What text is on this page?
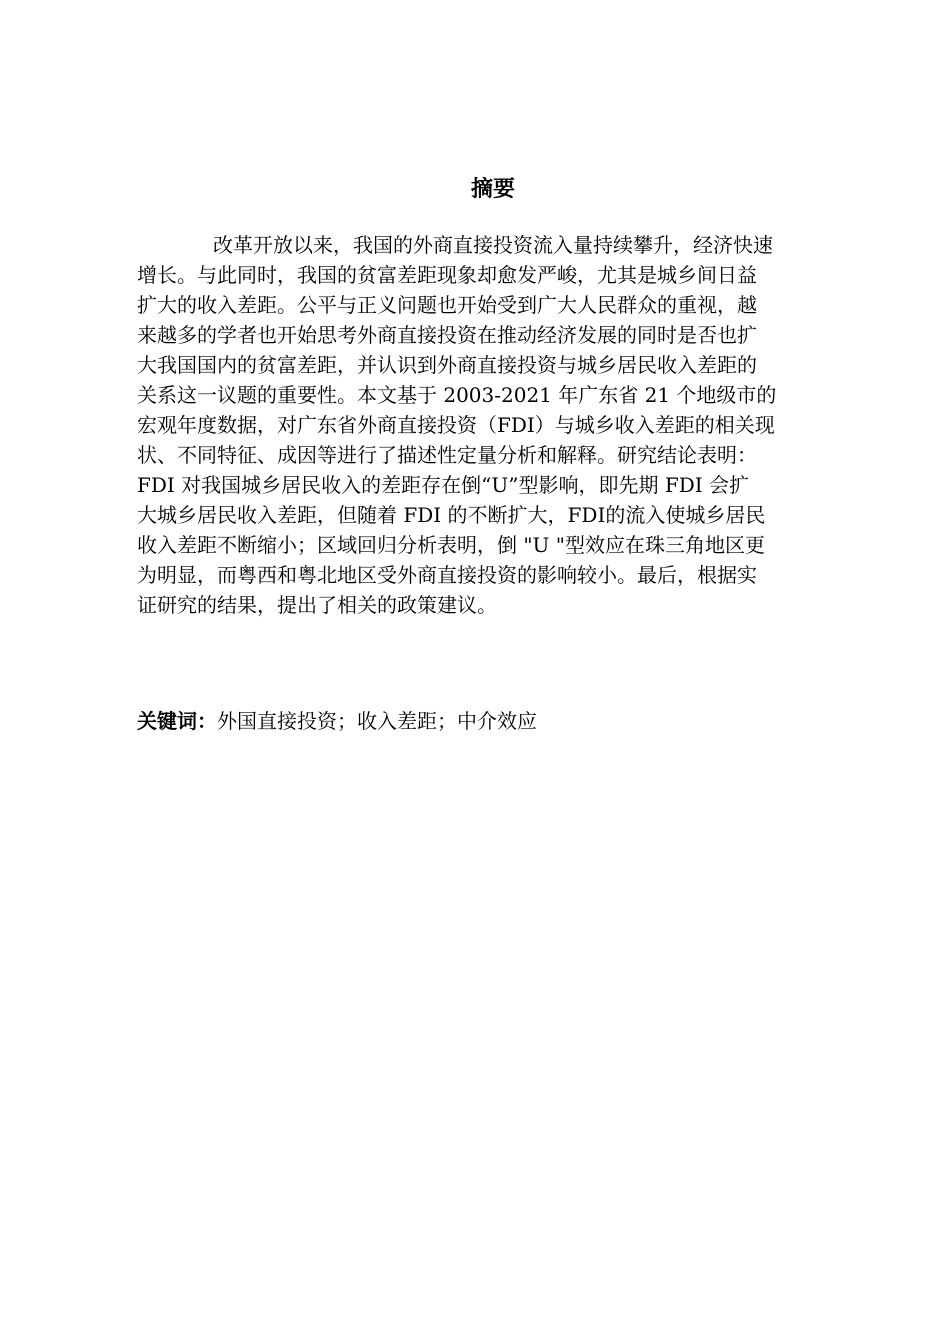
摘要
改革开放以来，我国的外商直接投资流入量持续攀升，经济快速
增长。与此同时，我国的贫富差距现象却愈发严峻，尤其是城乡间日益
扩大的收入差距。公平与正义问题也开始受到广大人民群众的重视，越
来越多的学者也开始思考外商直接投资在推动经济发展的同时是否也扩
大我国国内的贫富差距，并认识到外商直接投资与城乡居民收入差距的
关系这一议题的重要性。本文基于 2003-2021 年广东省 21 个地级市的
宏观年度数据，对广东省外商直接投资（FDI）与城乡收入差距的相关现
状、不同特征、成因等进行了描述性定量分析和解释。研究结论表明：
FDI 对我国城乡居民收入的差距存在倒“U”型影响，即先期 FDI 会扩
大城乡居民收入差距，但随着 FDI 的不断扩大，FDI的流入使城乡居民
收入差距不断缩小；区域回归分析表明，倒 "U "型效应在珠三角地区更
为明显，而粤西和粤北地区受外商直接投资的影响较小。最后，根据实
证研究的结果，提出了相关的政策建议。
关键词：外国直接投资；收入差距；中介效应
